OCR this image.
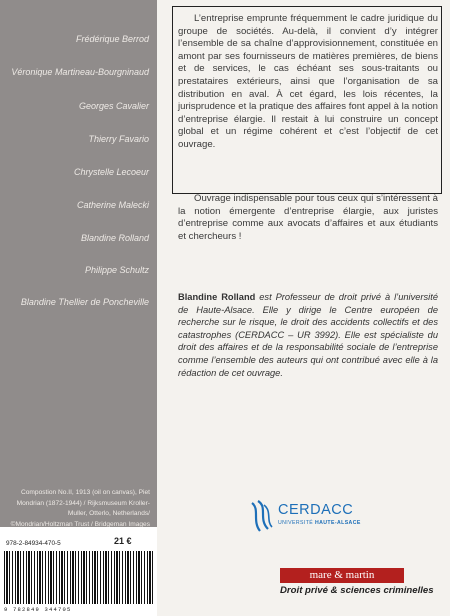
Frédérique Berrod
Véronique Martineau-Bourgninaud
Georges Cavalier
Thierry Favario
Chrystelle Lecoeur
Catherine Malecki
Blandine Rolland
Philippe Schultz
Blandine Thellier de Poncheville
Compostion No.II, 1913 (oil on canvas), Piet Mondrian (1872-1944) / Rijksmuseum Kroller-Muller, Otterlo, Netherlands/ ©Mondrian/Holtzman Trust / Bridgeman Images
978-2-84934-470-5	21 €
9 782849 344705
L’entreprise emprunte fréquemment le cadre juridique du groupe de sociétés. Au-delà, il convient d’y intégrer l’ensemble de sa chaîne d’approvisionnement, constituée en amont par ses fournisseurs de matières premières, de biens et de services, le cas échéant ses sous-traitants ou prestataires extérieurs, ainsi que l’organisation de sa distribution en aval. À cet égard, les lois récentes, la jurisprudence et la pratique des affaires font appel à la notion d’entreprise élargie. Il restait à lui construire un concept global et un régime cohérent et c’est l’objectif de cet ouvrage.
Ouvrage indispensable pour tous ceux qui s’intéressent à la notion émergente d’entreprise élargie, aux juristes d’entreprise comme aux avocats d’affaires et aux étudiants et chercheurs !
Blandine Rolland est Professeur de droit privé à l’université de Haute-Alsace. Elle y dirige le Centre européen de recherche sur le risque, le droit des accidents collectifs et des catastrophes (CERDACC – UR 3992). Elle est spécialiste du droit des affaires et de la responsabilité sociale de l’entreprise comme l’ensemble des auteurs qui ont contribué avec elle à la rédaction de cet ouvrage.
CERDACC
UNIVERSITÉ HAUTE-ALSACE
mare & martin
Droit privé & sciences criminelles
